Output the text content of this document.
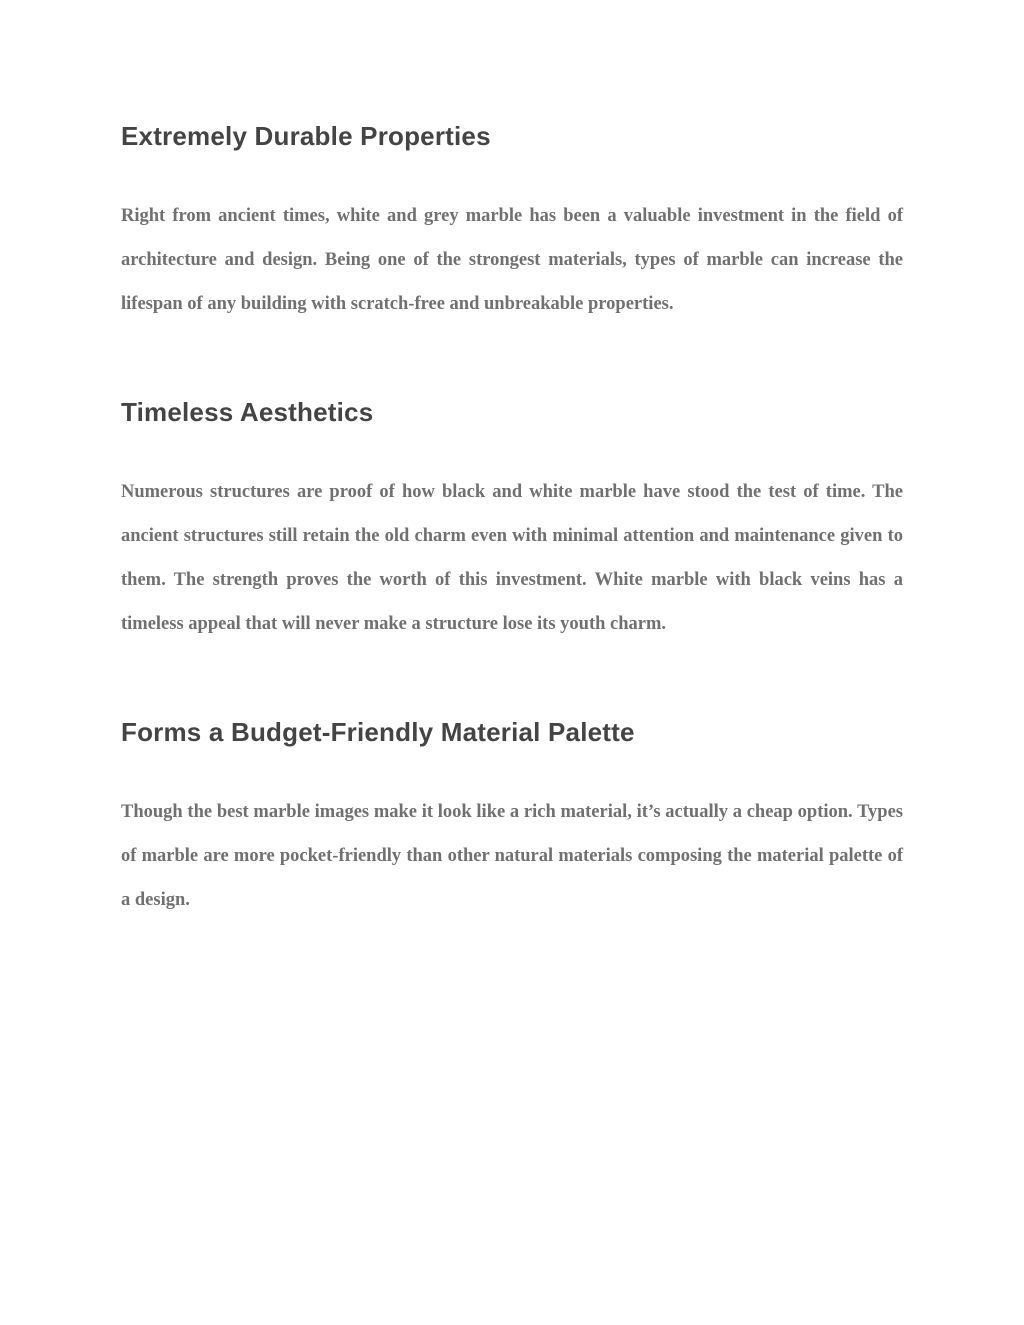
Extremely Durable Properties

Right from ancient times, white and grey marble has been a valuable investment in the field of architecture and design. Being one of the strongest materials, types of marble can increase the lifespan of any building with scratch-free and unbreakable properties.

Timeless Aesthetics

Numerous structures are proof of how black and white marble have stood the test of time. The ancient structures still retain the old charm even with minimal attention and maintenance given to them. The strength proves the worth of this investment. White marble with black veins has a timeless appeal that will never make a structure lose its youth charm.

Forms a Budget-Friendly Material Palette

Though the best marble images make it look like a rich material, it’s actually a cheap option. Types of marble are more pocket-friendly than other natural materials composing the material palette of a design.
